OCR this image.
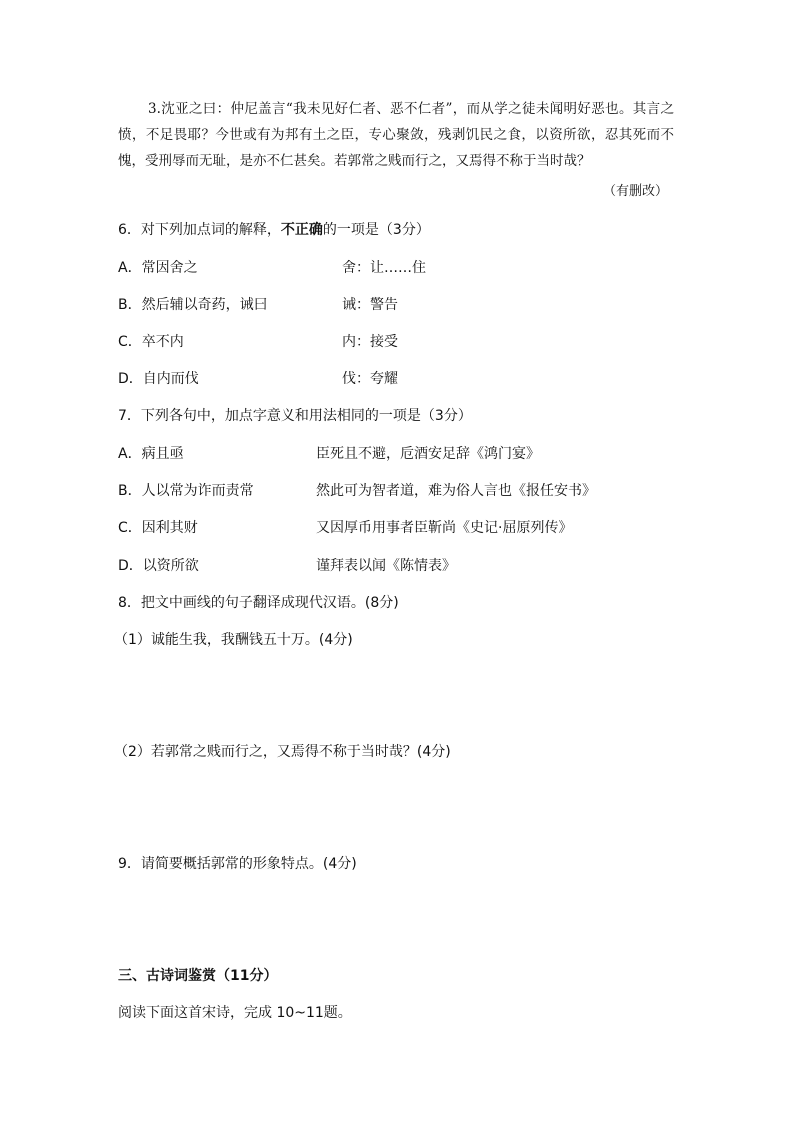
3.沈亚之曰：仲尼盖言“我未见好仁者、恶不仁者”，而从学之徒未闻明好恶也。其言之愤，不足畏耶？今世或有为邦有土之臣，专心聚敛，残剥饥民之食，以资所欲，忍其死而不愧，受刑辱而无耻，是亦不仁甚矣。若郭常之贱而行之，又焉得不称于当时哉？
（有删改）
6．对下列加点词的解释，不正确的一项是（3分）
A．常因舍之	舍：让……住
B．然后辅以奇药，诫曰	诫：警告
C．卒不内	内：接受
D．自内而伐	伐：夸耀
7．下列各句中，加点字意义和用法相同的一项是（3分）
A．病且亟	臣死且不避，卮酒安足辞《鸿门宴》
B．人以常为诈而责常	然此可为智者道，难为俗人言也《报任安书》
C．因利其财	又因厚币用事者臣靳尚《史记·屈原列传》
D．以资所欲	谨拜表以闻《陈情表》
8．把文中画线的句子翻译成现代汉语。(8分)
（1）诚能生我，我酬钱五十万。(4分)
（2）若郭常之贱而行之，又焉得不称于当时哉？(4分)
9．请简要概括郭常的形象特点。(4分)
三、古诗词鉴赏（11分）
阅读下面这首宋诗，完成 10~11题。
